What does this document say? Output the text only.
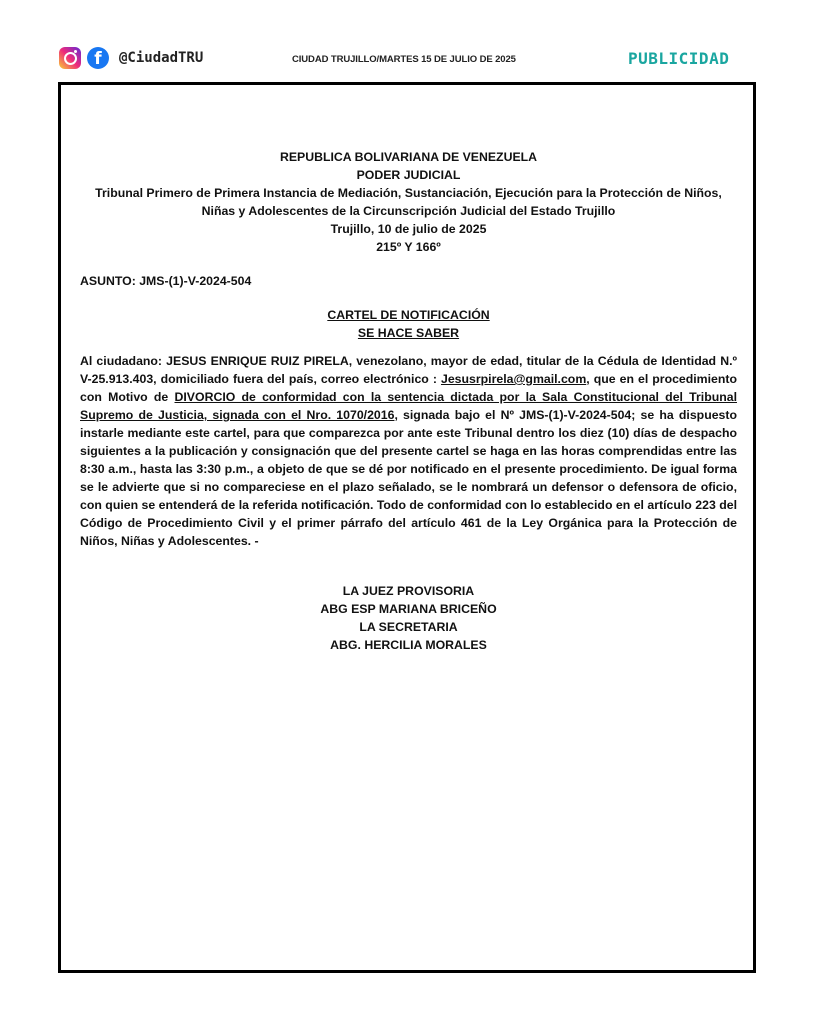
f	@CiudadTRU	CIUDAD TRUJILLO/MARTES 15 DE JULIO DE 2025	PUBLICIDAD
REPUBLICA BOLIVARIANA DE VENEZUELA
PODER JUDICIAL
Tribunal Primero de Primera Instancia de Mediación, Sustanciación, Ejecución para la Protección de Niños, Niñas y Adolescentes de la Circunscripción Judicial del Estado Trujillo
Trujillo, 10 de julio de 2025
215º Y 166º
ASUNTO: JMS-(1)-V-2024-504
CARTEL DE NOTIFICACIÓN
SE HACE SABER
Al ciudadano: JESUS ENRIQUE RUIZ PIRELA, venezolano, mayor de edad, titular de la Cédula de Identidad N.º V-25.913.403, domiciliado fuera del país, correo electrónico : Jesusrpirela@gmail.com, que en el procedimiento con Motivo de DIVORCIO de conformidad con la sentencia dictada por la Sala Constitucional del Tribunal Supremo de Justicia, signada con el Nro. 1070/2016, signada bajo el Nº JMS-(1)-V-2024-504; se ha dispuesto instarle mediante este cartel, para que comparezca por ante este Tribunal dentro los diez (10) días de despacho siguientes a la publicación y consignación que del presente cartel se haga en las horas comprendidas entre las 8:30 a.m., hasta las 3:30 p.m., a objeto de que se dé por notificado en el presente procedimiento. De igual forma se le advierte que si no compareciese en el plazo señalado, se le nombrará un defensor o defensora de oficio, con quien se entenderá de la referida notificación. Todo de conformidad con lo establecido en el artículo 223 del Código de Procedimiento Civil y el primer párrafo del artículo 461 de la Ley Orgánica para la Protección de Niños, Niñas y Adolescentes. -
LA JUEZ PROVISORIA
ABG ESP MARIANA BRICEÑO
LA SECRETARIA
ABG. HERCILIA MORALES
